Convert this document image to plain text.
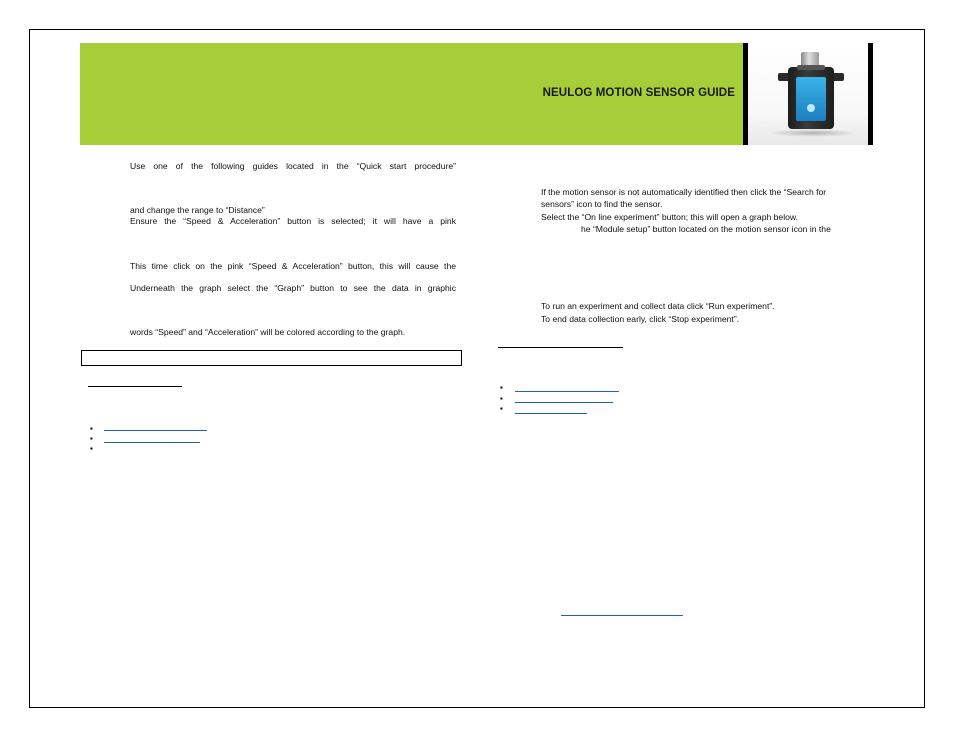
NEULOG MOTION SENSOR GUIDE
Use one of the following guides located in the “Quick start procedure”
and change the range to “Distance”
Ensure the “Speed & Acceleration” button is selected; it will have a pink
This time click on the pink “Speed & Acceleration” button, this will cause the
Underneath the graph select the “Graph” button to see the data in graphic
words “Speed” and “Acceleration” will be colored according to the graph.
▪
▪
▪
If the motion sensor is not automatically identified then click the “Search for
sensors” icon to find the sensor.
Select the “On line experiment” button; this will open a graph below.
he “Module setup” button located on the motion sensor icon in the
To run an experiment and collect data click “Run experiment”.
To end data collection early, click “Stop experiment”.
▪
▪
▪
